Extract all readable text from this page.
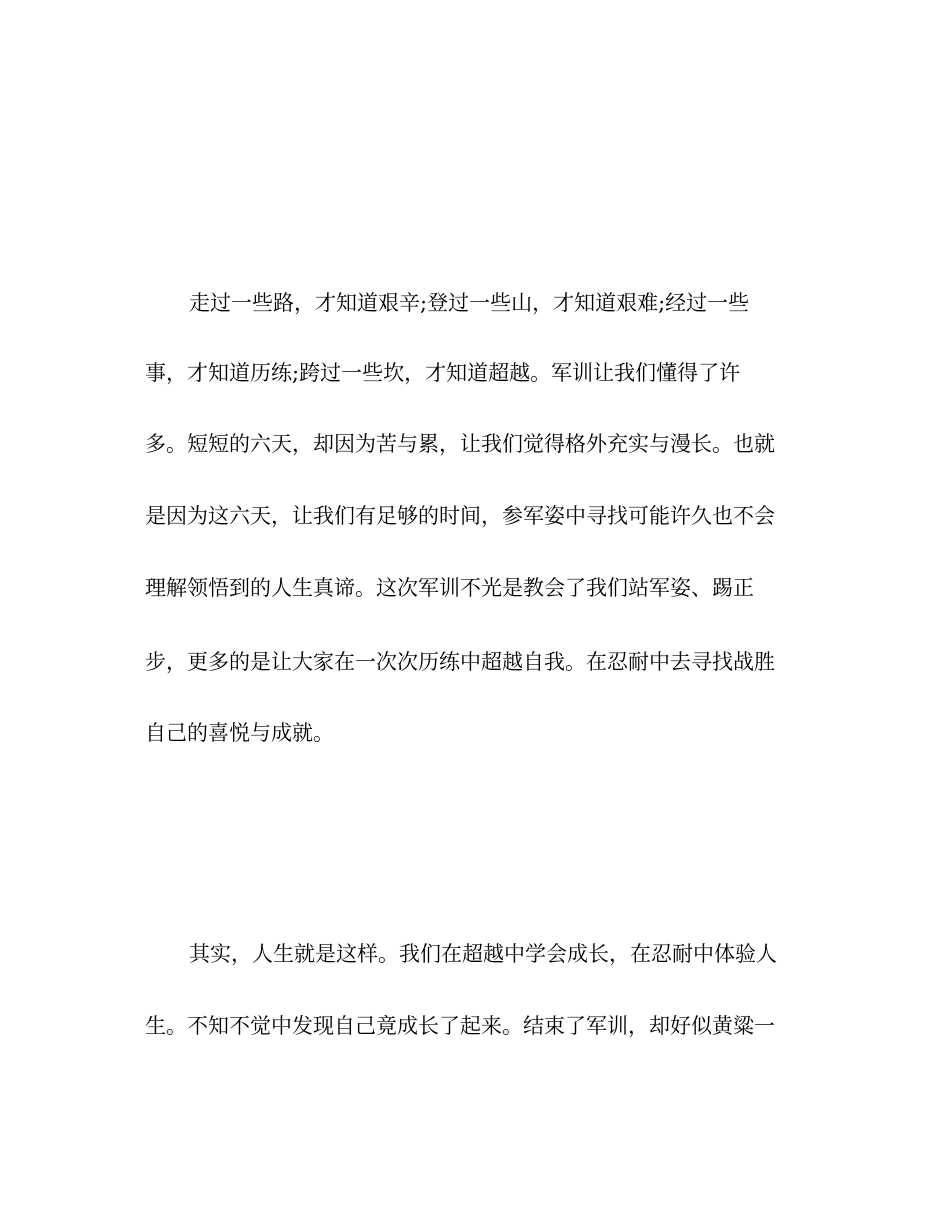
走过一些路，才知道艰辛;登过一些山，才知道艰难;经过一些

事，才知道历练;跨过一些坎，才知道超越。军训让我们懂得了许

多。短短的六天，却因为苦与累，让我们觉得格外充实与漫长。也就

是因为这六天，让我们有足够的时间，参军姿中寻找可能许久也不会

理解领悟到的人生真谛。这次军训不光是教会了我们站军姿、踢正

步，更多的是让大家在一次次历练中超越自我。在忍耐中去寻找战胜

自己的喜悦与成就。

其实，人生就是这样。我们在超越中学会成长，在忍耐中体验人

生。不知不觉中发现自己竟成长了起来。结束了军训，却好似黄粱一
